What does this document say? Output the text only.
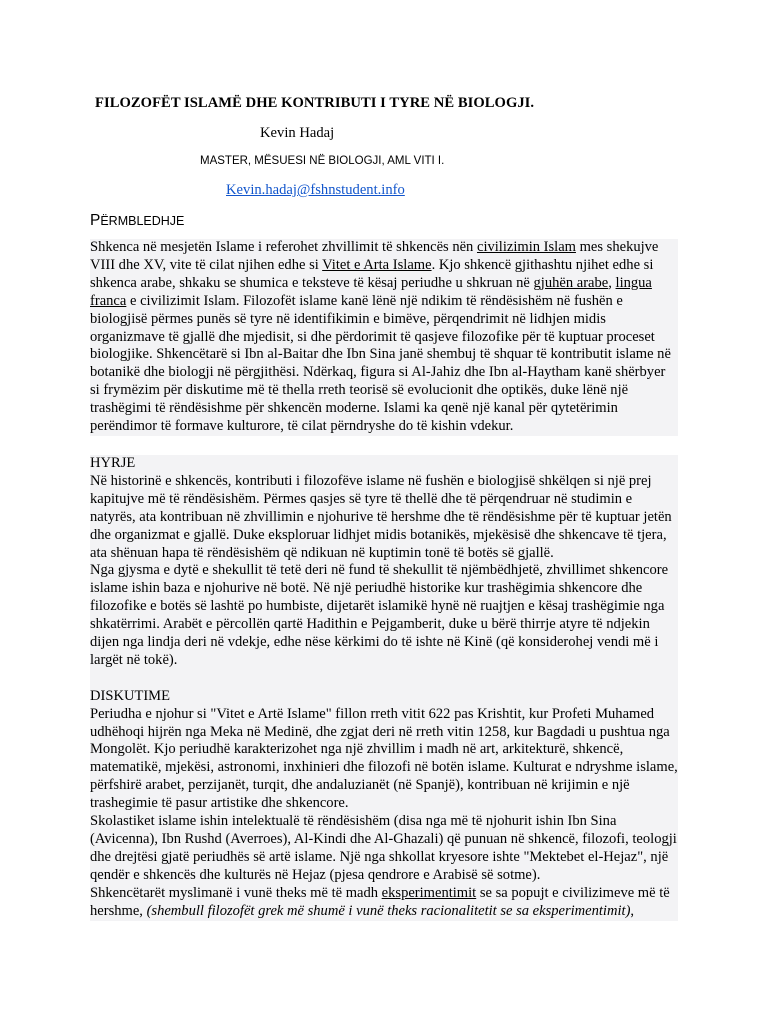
FILOZOFËT ISLAMË DHE KONTRIBUTI I TYRE NË BIOLOGJI.
Kevin Hadaj
MASTER, MËSUESI NË BIOLOGJI, AML VITI I.
Kevin.hadaj@fshnstudent.info
PËRMBLEDHJE

Shkenca në mesjetën Islame i referohet zhvillimit të shkencës nën civilizimin Islam mes shekujve VIII dhe XV, vite të cilat njihen edhe si Vitet e Arta Islame. Kjo shkencë gjithashtu njihet edhe si shkenca arabe, shkaku se shumica e teksteve të kësaj periudhe u shkruan në gjuhën arabe, lingua franca e civilizimit Islam. Filozofët islame kanë lënë një ndikim të rëndësishëm në fushën e biologjisë përmes punës së tyre në identifikimin e bimëve, përqendrimit në lidhjen midis organizmave të gjallë dhe mjedisit, si dhe përdorimit të qasjeve filozofike për të kuptuar proceset biologjike. Shkencëtarë si Ibn al-Baitar dhe Ibn Sina janë shembuj të shquar të kontributit islame në botanikë dhe biologji në përgjithësi. Ndërkaq, figura si Al-Jahiz dhe Ibn al-Haytham kanë shërbyer si frymëzim për diskutime më të thella rreth teorisë së evolucionit dhe optikës, duke lënë një trashëgimi të rëndësishme për shkencën moderne. Islami ka qenë një kanal për qytetërimin perëndimor të formave kulturore, të cilat përndryshe do të kishin vdekur.

HYRJE

Në historinë e shkencës, kontributi i filozofëve islame në fushën e biologjisë shkëlqen si një prej kapitujve më të rëndësishëm. Përmes qasjes së tyre të thellë dhe të përqendruar në studimin e natyrës, ata kontribuan në zhvillimin e njohurive të hershme dhe të rëndësishme për të kuptuar jetën dhe organizmat e gjallë. Duke eksploruar lidhjet midis botanikës, mjekësisë dhe shkencave të tjera, ata shënuan hapa të rëndësishëm që ndikuan në kuptimin tonë të botës së gjallë.

Nga gjysma e dytë e shekullit të tetë deri në fund të shekullit të njëmbëdhjetë, zhvillimet shkencore islame ishin baza e njohurive në botë. Në një periudhë historike kur trashëgimia shkencore dhe filozofike e botës së lashtë po humbiste, dijetarët islamikë hynë në ruajtjen e kësaj trashëgimie nga shkatërrimi. Arabët e përcollën qartë Hadithin e Pejgamberit, duke u bërë thirrje atyre të ndjekin dijen nga lindja deri në vdekje, edhe nëse kërkimi do të ishte në Kinë (që konsiderohej vendi më i largët në tokë).

DISKUTIME

Periudha e njohur si "Vitet e Artë Islame" fillon rreth vitit 622 pas Krishtit, kur Profeti Muhamed udhëhoqi hijrën nga Meka në Medinë, dhe zgjat deri në rreth vitin 1258, kur Bagdadi u pushtua nga Mongolët. Kjo periudhë karakterizohet nga një zhvillim i madh në art, arkitekturë, shkencë, matematikë, mjekësi, astronomi, inxhinieri dhe filozofi në botën islame. Kulturat e ndryshme islame, përfshirë arabet, perzijanët, turqit, dhe andaluzianët (në Spanjë), kontribuan në krijimin e një trashegimie të pasur artistike dhe shkencore.

Skolastiket islame ishin intelektualë të rëndësishëm (disa nga më të njohurit ishin Ibn Sina (Avicenna), Ibn Rushd (Averroes), Al-Kindi dhe Al-Ghazali) që punuan në shkencë, filozofi, teologji dhe drejtësi gjatë periudhës së artë islame. Një nga shkollat kryesore ishte "Mektebet el-Hejaz", një qendër e shkencës dhe kulturës në Hejaz (pjesa qendrore e Arabisë së sotme).

Shkencëtarët myslimanë i vunë theks më të madh eksperimentimit se sa popujt e civilizimeve më të hershme, (shembull filozofët grek më shumë i vunë theks racionalitetit se sa eksperimentimit),
